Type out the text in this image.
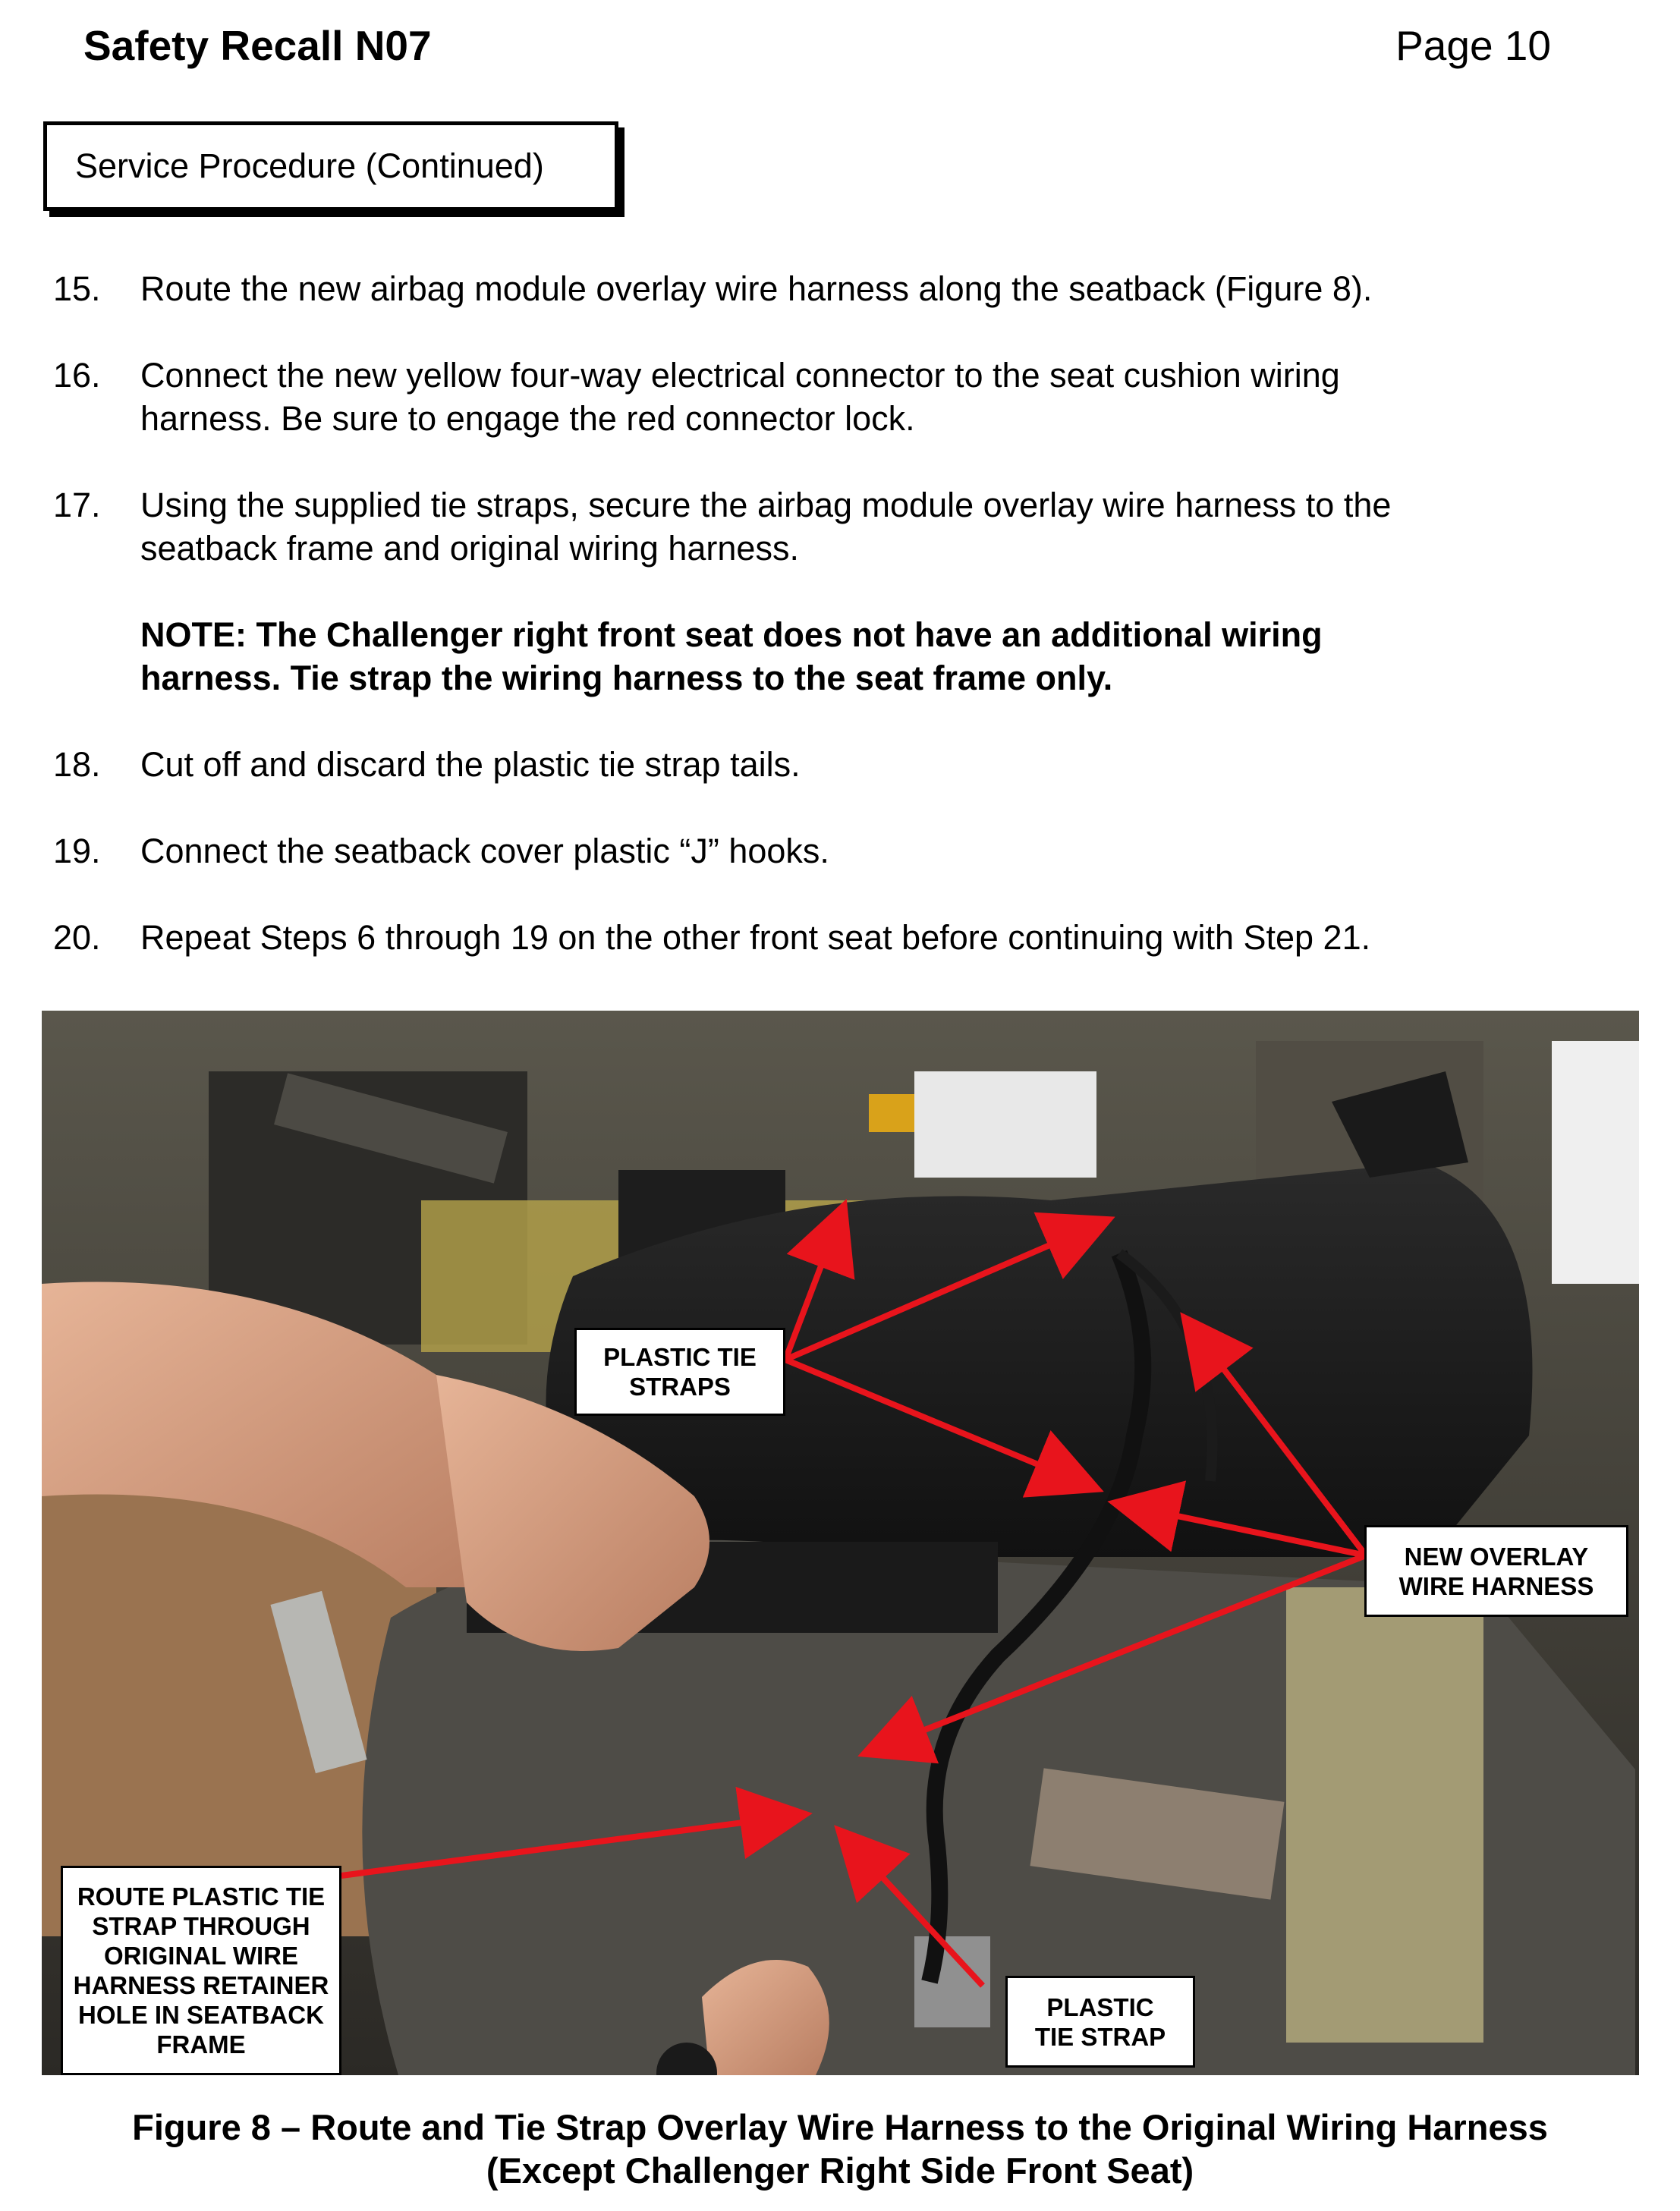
Safety Recall N07	Page 10
Service Procedure (Continued)
15. Route the new airbag module overlay wire harness along the seatback (Figure 8).
16. Connect the new yellow four-way electrical connector to the seat cushion wiring
harness. Be sure to engage the red connector lock.
17. Using the supplied tie straps, secure the airbag module overlay wire harness to the
seatback frame and original wiring harness.
NOTE: The Challenger right front seat does not have an additional wiring
harness. Tie strap the wiring harness to the seat frame only.
18. Cut off and discard the plastic tie strap tails.
19. Connect the seatback cover plastic “J” hooks.
20. Repeat Steps 6 through 19 on the other front seat before continuing with Step 21.
PLASTIC TIE
STRAPS
NEW OVERLAY
WIRE HARNESS
ROUTE PLASTIC TIE
STRAP THROUGH
ORIGINAL WIRE
HARNESS RETAINER
HOLE IN SEATBACK
FRAME
PLASTIC
TIE STRAP
Figure 8 – Route and Tie Strap Overlay Wire Harness to the Original Wiring Harness
(Except Challenger Right Side Front Seat)
